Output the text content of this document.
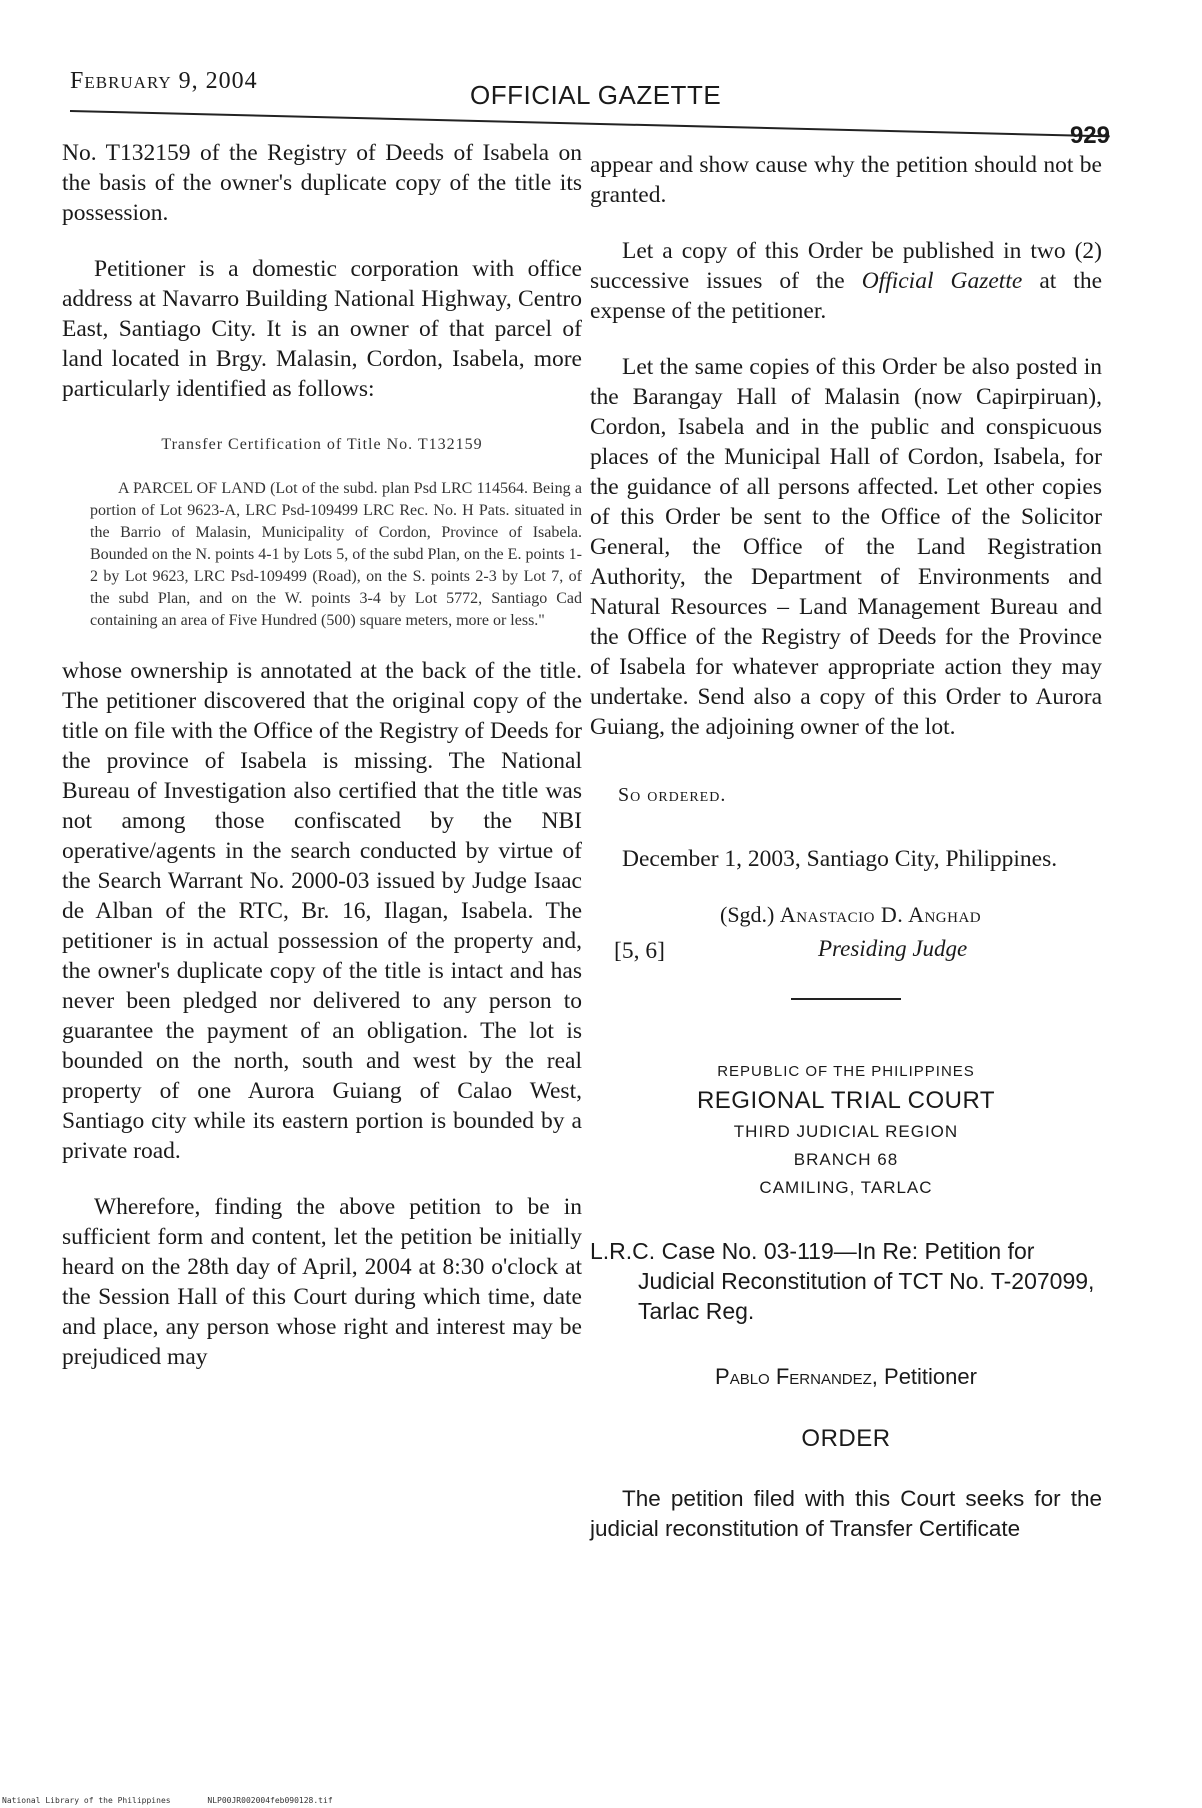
February 9, 2004	OFFICIAL GAZETTE
929

No. T132159 of the Registry of Deeds of Isabela on the basis of the owner's duplicate copy of the title its possession.

Petitioner is a domestic corporation with office address at Navarro Building National Highway, Centro East, Santiago City. It is an owner of that parcel of land located in Brgy. Malasin, Cordon, Isabela, more particularly identified as follows:

Transfer Certification of Title No. T132159
A PARCEL OF LAND (Lot of the subd. plan Psd LRC 114564. Being a portion of Lot 9623-A, LRC Psd-109499 LRC Rec. No. H Pats. situated in the Barrio of Malasin, Municipality of Cordon, Province of Isabela. Bounded on the N. points 4-1 by Lots 5, of the subd Plan, on the E. points 1-2 by Lot 9623, LRC Psd-109499 (Road), on the S. points 2-3 by Lot 7, of the subd Plan, and on the W. points 3-4 by Lot 5772, Santiago Cad containing an area of Five Hundred (500) square meters, more or less."

whose ownership is annotated at the back of the title. The petitioner discovered that the original copy of the title on file with the Office of the Registry of Deeds for the province of Isabela is missing. The National Bureau of Investigation also certified that the title was not among those confiscated by the NBI operative/agents in the search conducted by virtue of the Search Warrant No. 2000-03 issued by Judge Isaac de Alban of the RTC, Br. 16, Ilagan, Isabela. The petitioner is in actual possession of the property and, the owner's duplicate copy of the title is intact and has never been pledged nor delivered to any person to guarantee the payment of an obligation. The lot is bounded on the north, south and west by the real property of one Aurora Guiang of Calao West, Santiago city while its eastern portion is bounded by a private road.

Wherefore, finding the above petition to be in sufficient form and content, let the petition be initially heard on the 28th day of April, 2004 at 8:30 o'clock at the Session Hall of this Court during which time, date and place, any person whose right and interest may be prejudiced may

appear and show cause why the petition should not be granted.

Let a copy of this Order be published in two (2) successive issues of the Official Gazette at the expense of the petitioner.

Let the same copies of this Order be also posted in the Barangay Hall of Malasin (now Capirpiruan), Cordon, Isabela and in the public and conspicuous places of the Municipal Hall of Cordon, Isabela, for the guidance of all persons affected. Let other copies of this Order be sent to the Office of the Solicitor General, the Office of the Land Registration Authority, the Department of Environments and Natural Resources – Land Management Bureau and the Office of the Registry of Deeds for the Province of Isabela for whatever appropriate action they may undertake. Send also a copy of this Order to Aurora Guiang, the adjoining owner of the lot.

So ordered.

December 1, 2003, Santiago City, Philippines.

[5, 6]
(Sgd.) Anastacio D. Anghad
Presiding Judge
REPUBLIC OF THE PHILIPPINES
REGIONAL TRIAL COURT
THIRD JUDICIAL REGION
BRANCH 68
CAMILING, TARLAC
L.R.C. Case No. 03-119—In Re: Petition for Judicial Reconstitution of TCT No. T-207099, Tarlac Reg.
Pablo Fernandez, Petitioner
ORDER

The petition filed with this Court seeks for the judicial reconstitution of Transfer Certificate

National Library of the Philippines	NLP00JR002004feb090128.tif
